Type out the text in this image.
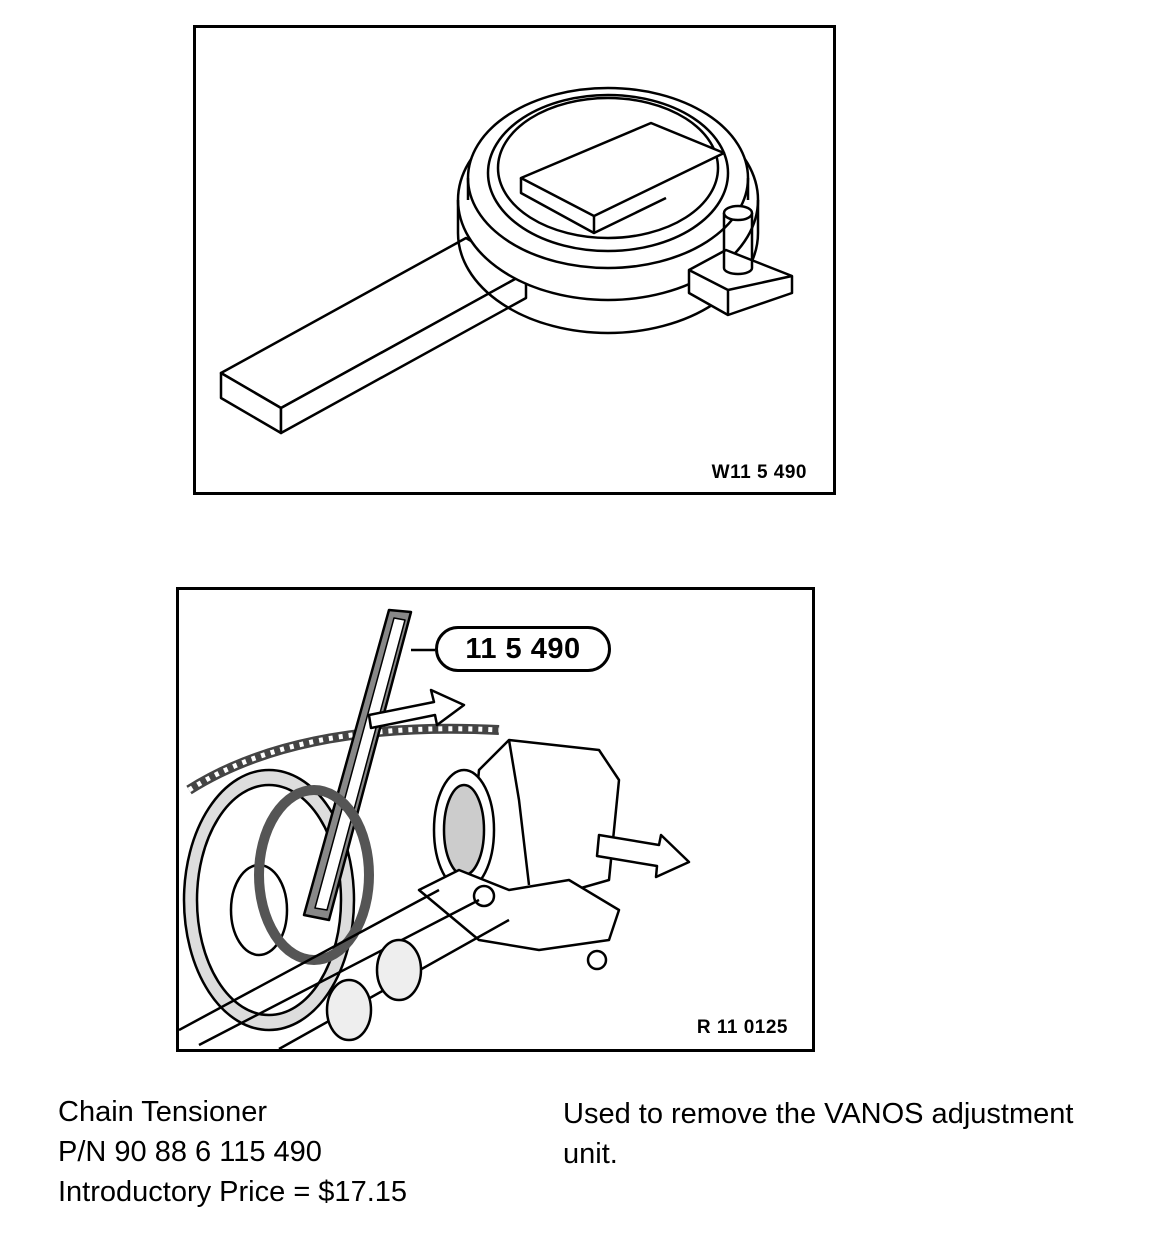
W11 5 490
11 5 490
R 11 0125
Chain Tensioner
P/N 90 88 6 115 490
Introductory Price = $17.15
Used to remove the VANOS adjustment
unit.
